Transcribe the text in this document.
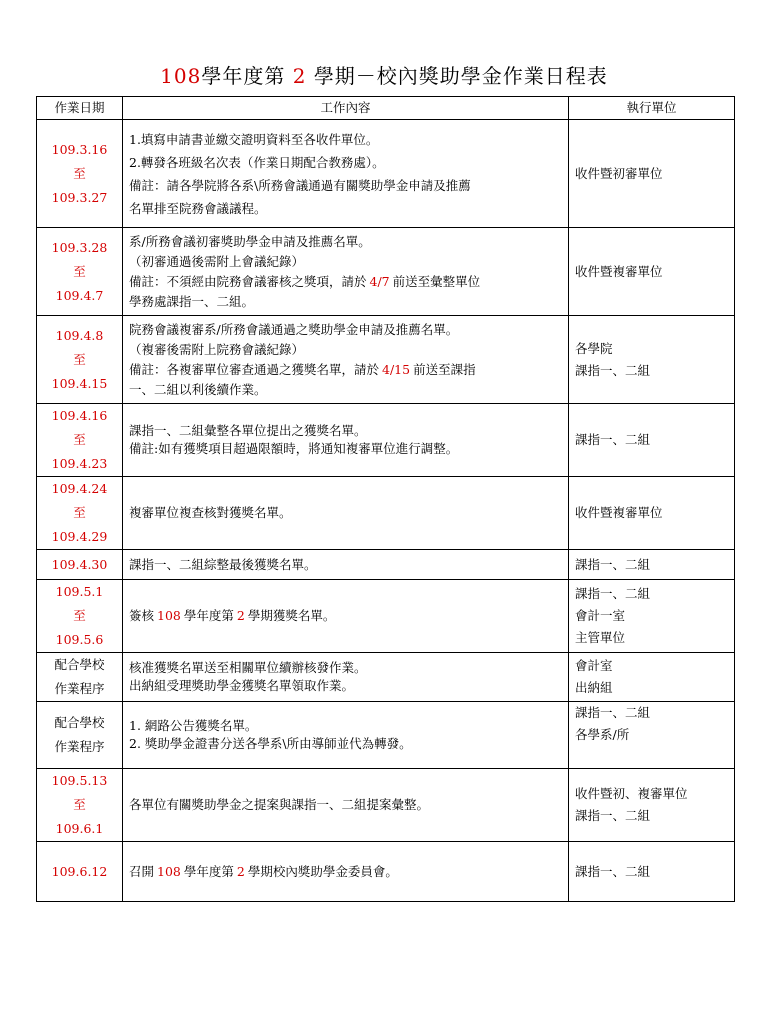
108學年度第 2 學期－校內獎助學金作業日程表
作業日期	工作內容	執行單位

109.3.16
至
109.3.27	1.填寫申請書並繳交證明資料至各收件單位。
2.轉發各班級名次表（作業日期配合教務處）。
備註：請各學院將各系\所務會議通過有關獎助學金申請及推薦
名單排至院務會議議程。	收件暨初審單位

109.3.28
至
109.4.7	系/所務會議初審獎助學金申請及推薦名單。
（初審通過後需附上會議紀錄）
備註：不須經由院務會議審核之獎項，請於 4/7 前送至彙整單位
學務處課指一、二組。	收件暨複審單位

109.4.8
至
109.4.15	院務會議複審系/所務會議通過之獎助學金申請及推薦名單。
（複審後需附上院務會議紀錄）
備註：各複審單位審查通過之獲獎名單，請於 4/15 前送至課指
一、二組以利後續作業。	各學院
課指一、二組

109.4.16
至
109.4.23	課指一、二組彙整各單位提出之獲獎名單。
備註:如有獲獎項目超過限額時，將通知複審單位進行調整。	課指一、二組

109.4.24
至
109.4.29	複審單位複查核對獲獎名單。	收件暨複審單位

109.4.30	課指一、二組綜整最後獲獎名單。	課指一、二組

109.5.1
至
109.5.6	簽核 108 學年度第 2 學期獲獎名單。	課指一、二組
會計一室
主管單位

配合學校
作業程序	核准獲獎名單送至相關單位續辦核發作業。
出納組受理獎助學金獲獎名單領取作業。	會計室
出納組

配合學校
作業程序	1. 網路公告獲獎名單。
2. 獎助學金證書分送各學系\所由導師並代為轉發。	課指一、二組
各學系/所

109.5.13
至
109.6.1	各單位有關獎助學金之提案與課指一、二組提案彙整。	收件暨初、複審單位
課指一、二組

109.6.12	召開 108 學年度第 2 學期校內獎助學金委員會。	課指一、二組
